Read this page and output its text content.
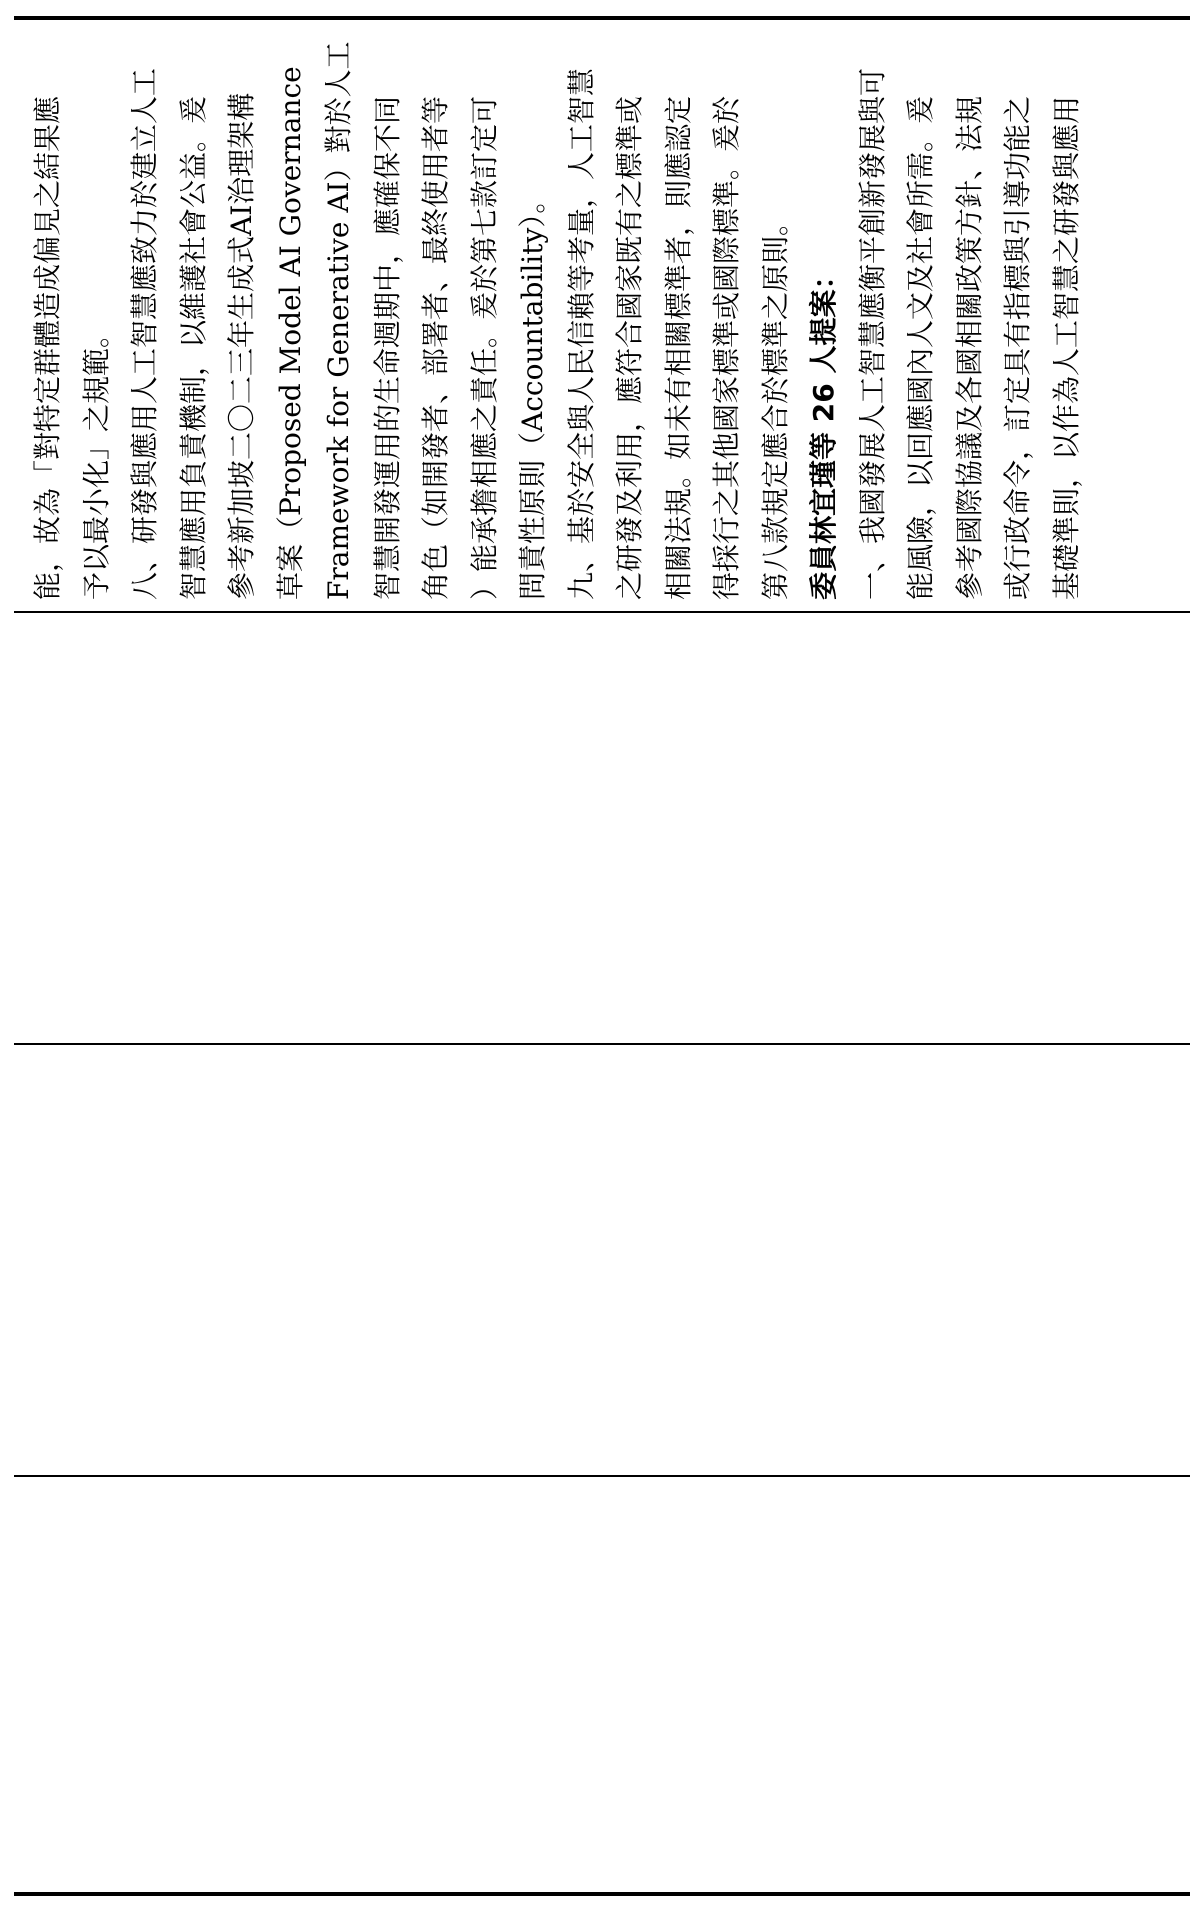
能，故為「對特定群體造成偏見之結果應 予以最小化」之規範。 八、研發與應用人工智慧應致力於建立人工 智慧應用負責機制，以維護社會公益。爰 參考新加坡二〇二三年生成式AI治理架構 草案（Proposed Model AI Governance Framework for Generative AI）對於人工 智慧開發運用的生命週期中，應確保不同 角色（如開發者、部署者、最終使用者等 ）能承擔相應之責任。爰於第七款訂定可 問責性原則（Accountability）。 九、基於安全與人民信賴等考量，人工智慧 之研發及利用，應符合國家既有之標準或 相關法規。如未有相關標準者，則應認定 得採行之其他國家標準或國際標準。爰於 第八款規定應合於標準之原則。 委員林宜瑾等 26 人提案： 一、我國發展人工智慧應衡平創新發展與可 能風險，以回應國內人文及社會所需。爰 參考國際協議及各國相關政策方針、法規 或行政命令，訂定具有指標與引導功能之 基礎準則，以作為人工智慧之研發與應用
